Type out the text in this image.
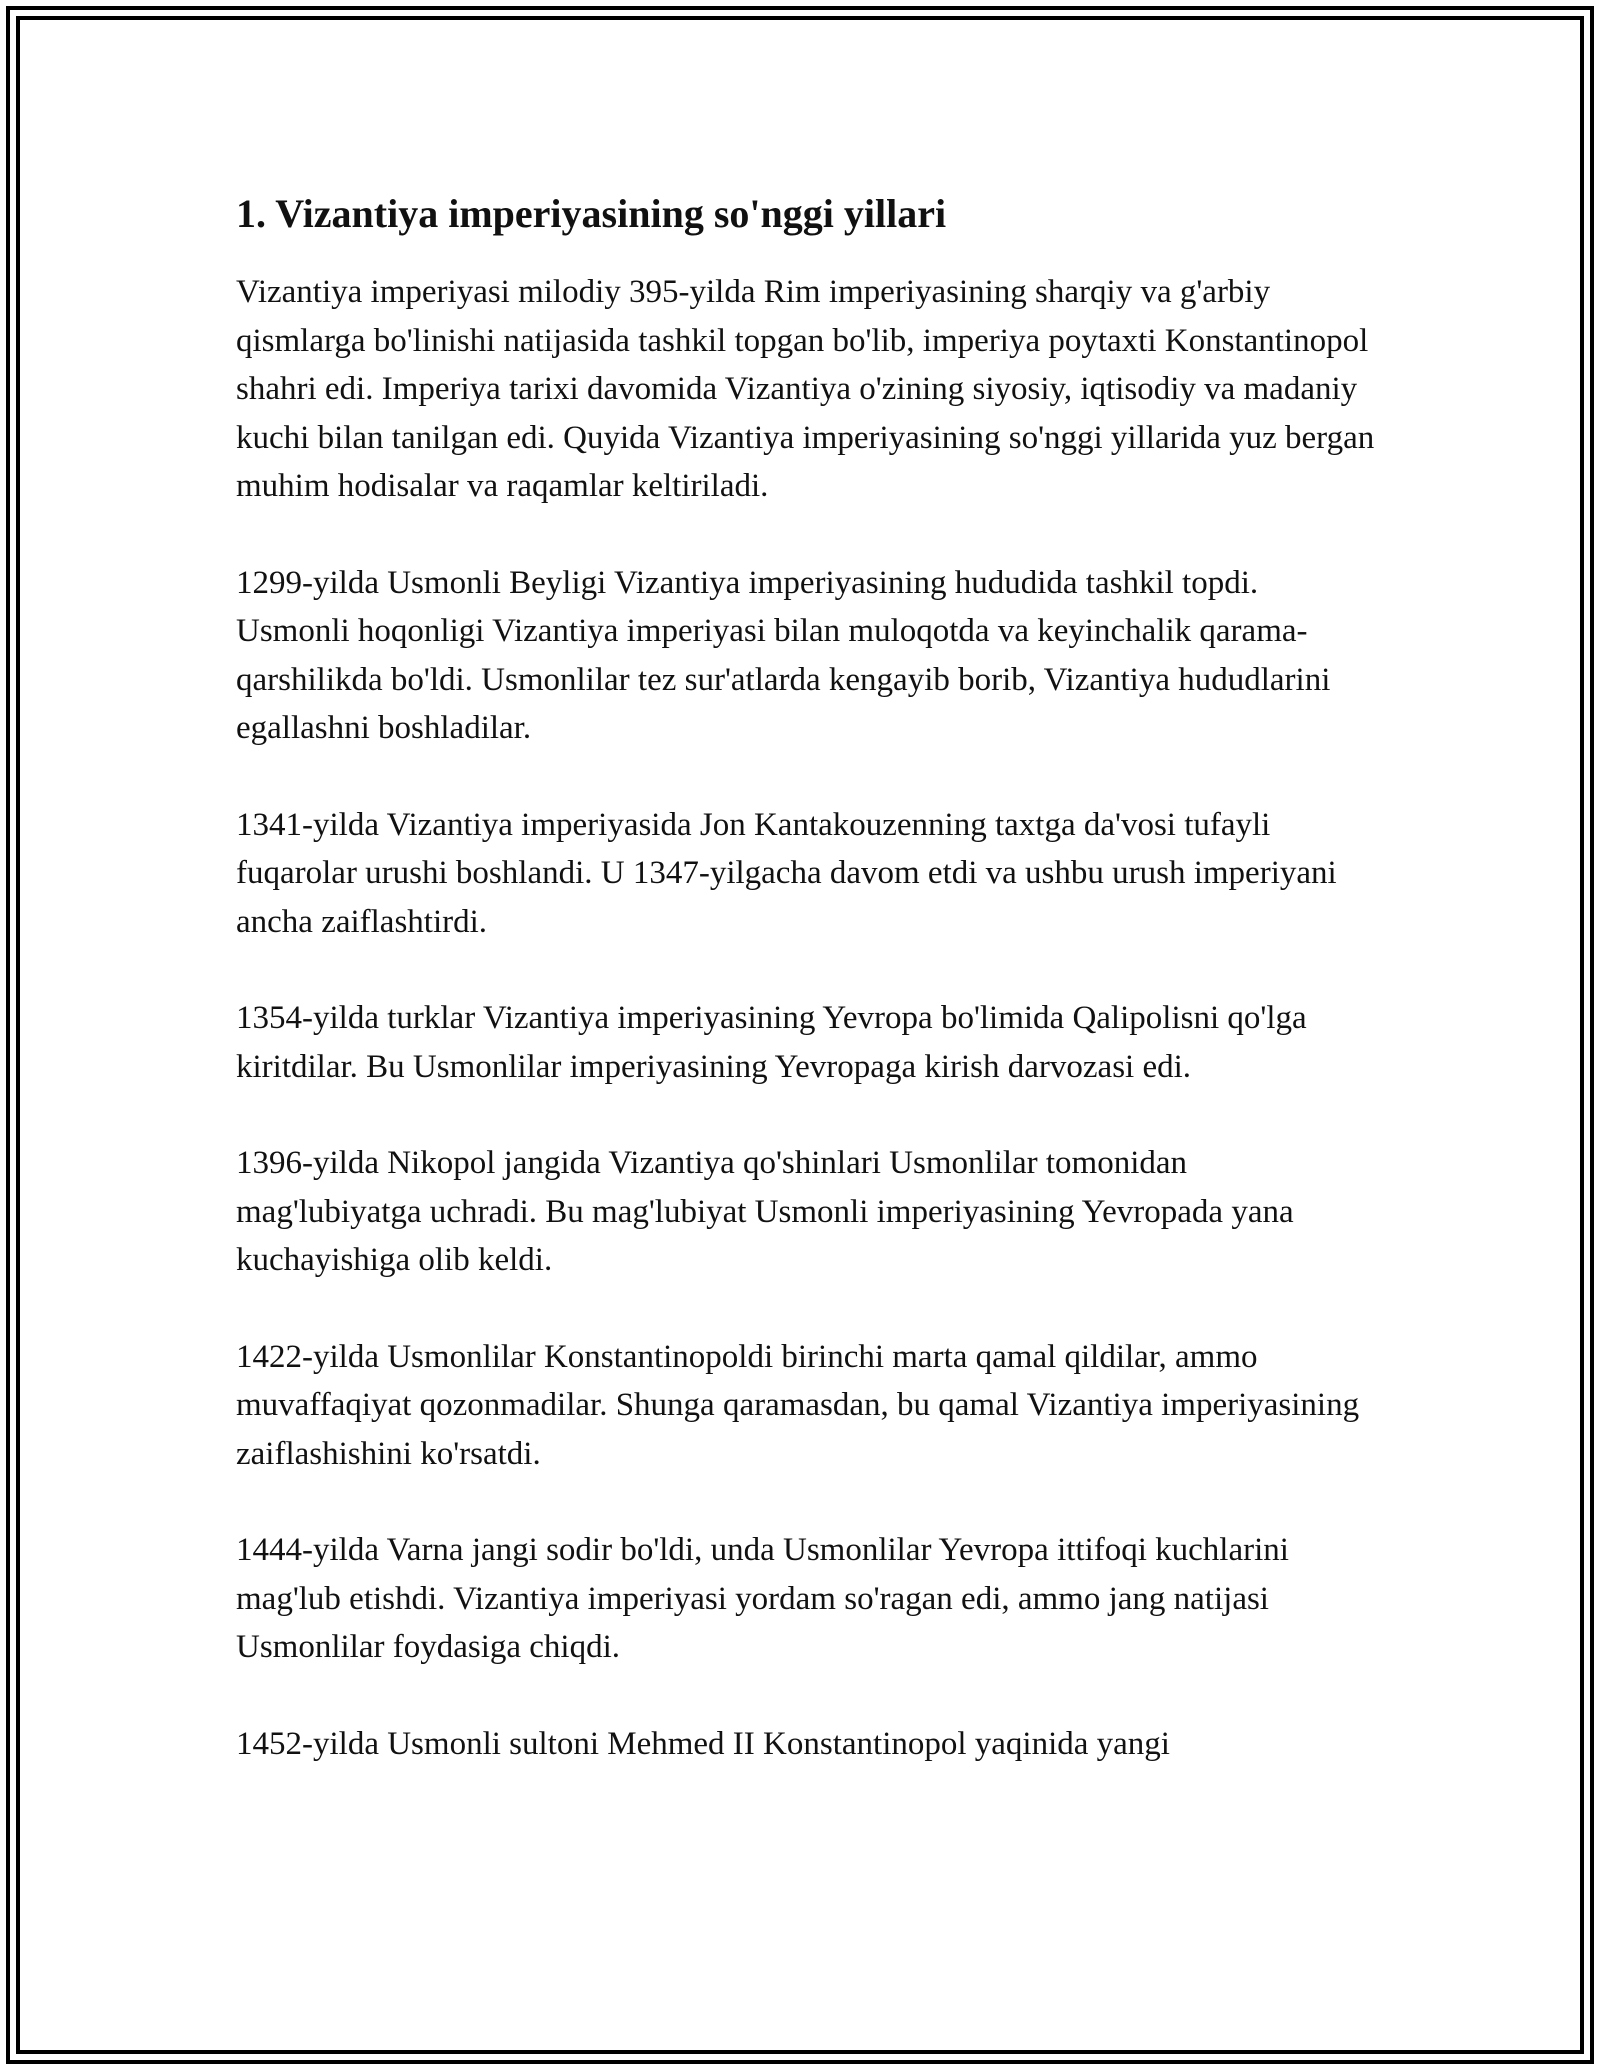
1. Vizantiya imperiyasining so'nggi yillari

Vizantiya imperiyasi milodiy 395-yilda Rim imperiyasining sharqiy va g'arbiy qismlarga bo'linishi natijasida tashkil topgan bo'lib, imperiya poytaxti Konstantinopol shahri edi. Imperiya tarixi davomida Vizantiya o'zining siyosiy, iqtisodiy va madaniy kuchi bilan tanilgan edi. Quyida Vizantiya imperiyasining so'nggi yillarida yuz bergan muhim hodisalar va raqamlar keltiriladi.

1299-yilda Usmonli Beyligi Vizantiya imperiyasining hududida tashkil topdi. Usmonli hoqonligi Vizantiya imperiyasi bilan muloqotda va keyinchalik qarama-qarshilikda bo'ldi. Usmonlilar tez sur'atlarda kengayib borib, Vizantiya hududlarini egallashni boshladilar.

1341-yilda Vizantiya imperiyasida Jon Kantakouzenning taxtga da'vosi tufayli fuqarolar urushi boshlandi. U 1347-yilgacha davom etdi va ushbu urush imperiyani ancha zaiflashtirdi.

1354-yilda turklar Vizantiya imperiyasining Yevropa bo'limida Qalipolisni qo'lga kiritdilar. Bu Usmonlilar imperiyasining Yevropaga kirish darvozasi edi.

1396-yilda Nikopol jangida Vizantiya qo'shinlari Usmonlilar tomonidan mag'lubiyatga uchradi. Bu mag'lubiyat Usmonli imperiyasining Yevropada yana kuchayishiga olib keldi.

1422-yilda Usmonlilar Konstantinopoldi birinchi marta qamal qildilar, ammo muvaffaqiyat qozonmadilar. Shunga qaramasdan, bu qamal Vizantiya imperiyasining zaiflashishini ko'rsatdi.

1444-yilda Varna jangi sodir bo'ldi, unda Usmonlilar Yevropa ittifoqi kuchlarini mag'lub etishdi. Vizantiya imperiyasi yordam so'ragan edi, ammo jang natijasi Usmonlilar foydasiga chiqdi.

1452-yilda Usmonli sultoni Mehmed II Konstantinopol yaqinida yangi
